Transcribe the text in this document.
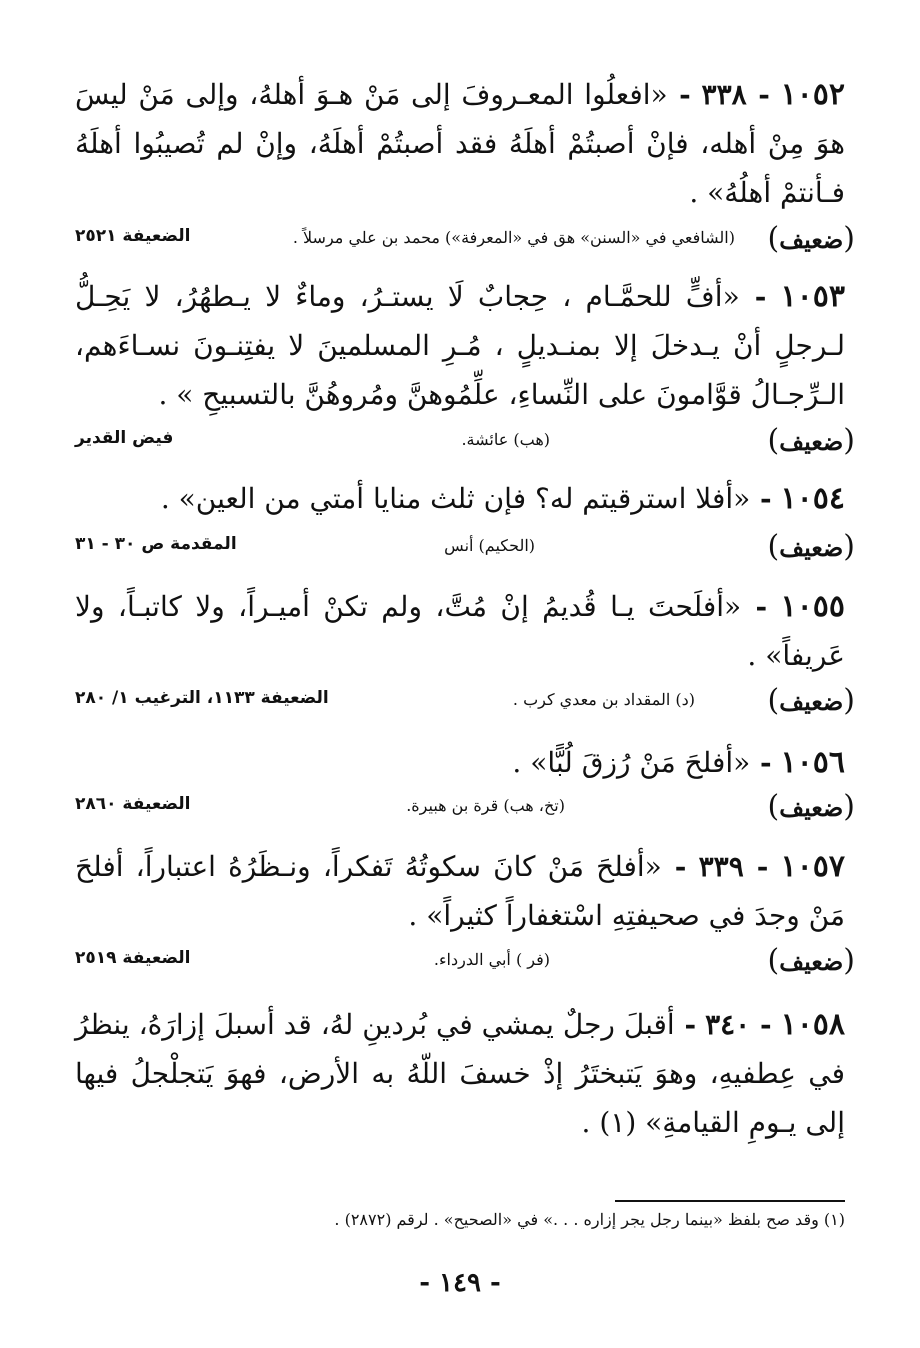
١٠٥٢ - ٣٣٨ - «افعلُوا المعـروفَ إلى مَنْ هـوَ أهلهُ، وإلى مَنْ ليسَ هوَ مِنْ أهله، فإنْ أصبتُمْ أهلَهُ فقد أصبتُمْ أهلَهُ، وإنْ لم تُصيبُوا أهلَهُ فـأنتمْ أهلُهُ» .
(ضعيف)
(الشافعي في «السنن» هق في «المعرفة») محمد بن علي مرسلاً .
الضعيفة ٢٥٢١
١٠٥٣ - «أفٍّ للحمَّـام ، حِجابٌ لَا يستـرُ، وماءٌ لا يـطهُرُ، لا يَحِـلُّ لـرجلٍ أنْ يـدخلَ إلا بمنـديلٍ ، مُـرِ المسلمينَ لا يفتِنـونَ نسـاءَهم، الـرِّجـالُ قوَّامونَ على النِّساءِ، علِّمُوهنَّ ومُروهُنَّ بالتسبيحِ » .
(ضعيف)
(هب) عائشة.
فيض القدير
١٠٥٤ - «أفلا استرقيتم له؟ فإن ثلث منايا أمتي من العين» .
(ضعيف)
(الحكيم) أنس
المقدمة ص ٣٠ - ٣١
١٠٥٥ - «أفلَحتَ يـا قُديمُ إنْ مُتَّ، ولم تكنْ أميـراً، ولا كاتبـاً، ولا عَريفاً» .
(ضعيف)
(د) المقداد بن معدي كرب .
الضعيفة ١١٣٣، الترغيب ١/ ٢٨٠
١٠٥٦ - «أفلحَ مَنْ رُزقَ لُبًّا» .
(ضعيف)
(تخ، هب) قرة بن هبيرة.
الضعيفة ٢٨٦٠
١٠٥٧ - ٣٣٩ - «أفلحَ مَنْ كانَ سكوتُهُ تَفكراً، ونـظَرُهُ اعتباراً، أفلحَ مَنْ وجدَ في صحيفتِهِ اسْتغفاراً كثيراً» .
(ضعيف)
(فر ) أبي الدرداء.
الضعيفة ٢٥١٩
١٠٥٨ - ٣٤٠ - أقبلَ رجلٌ يمشي في بُردينِ لهُ، قد أسبلَ إزارَهُ، ينظرُ في عِطفيهِ، وهوَ يَتبختَرُ إذْ خسفَ اللّهُ به الأرض، فهوَ يَتجلْجلُ فيها إلى يـومِ القيامةِ» (١) .
(١) وقد صح بلفظ «بينما رجل يجر إزاره . . .» في «الصحيح» . لرقم (٢٨٧٢) .
- ١٤٩ -
